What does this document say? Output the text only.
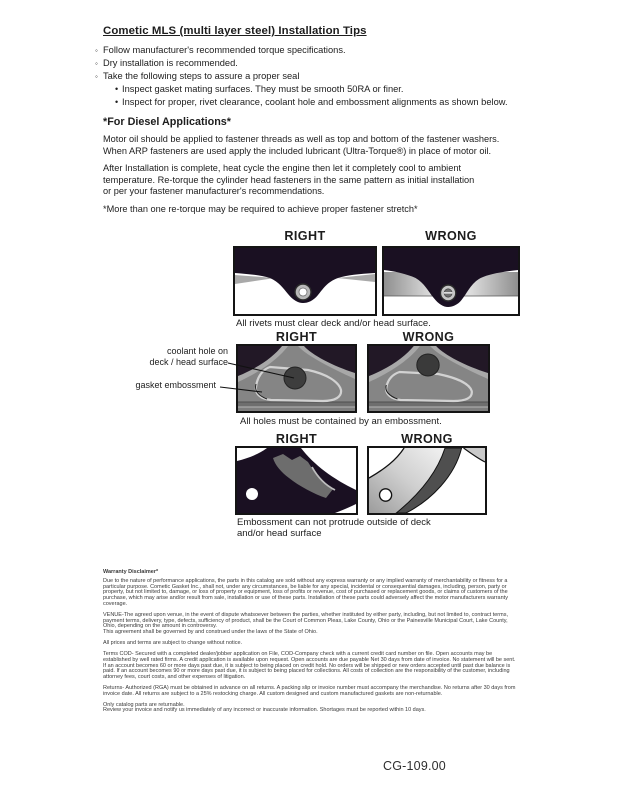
Cometic MLS (multi layer steel) Installation Tips
◦ Follow manufacturer's recommended torque specifications.
◦ Dry installation is recommended.
◦ Take the following steps to assure a proper seal
• Inspect gasket mating surfaces. They must be smooth 50RA or finer.
• Inspect for proper, rivet clearance, coolant hole and embossment alignments as shown below.
*For Diesel Applications*
Motor oil should be applied to fastener threads as well as top and bottom of the fastener washers.
When ARP fasteners are used apply the included lubricant (Ultra-Torque®) in place of motor oil.
After Installation is complete, heat cycle the engine then let it completely cool to ambient
temperature. Re-torque the cylinder head fasteners in the same pattern as initial installation
or per your fastener manufacturer's recommendations.
*More than one re-torque may be required to achieve proper fastener stretch*
RIGHT	WRONG
All rivets must clear deck and/or head surface.
RIGHT	WRONG
coolant hole on
deck / head surface
gasket embossment
All holes must be contained by an embossment.
RIGHT	WRONG
Embossment can not protrude outside of deck and/or head surface
Warranty Disclaimer*

Due to the nature of performance applications, the parts in this catalog are sold without any express warranty or any implied warranty of merchantability or fitness for a particular purpose. Cometic Gasket Inc., shall not, under any circumstances, be liable for any special, incidental or consequential damages, including, person, party or property, but not limited to, damage, or loss of property or equipment, loss of profits or revenue, cost of purchased or replacement goods, or claims of customers of the purchase, which may arise and/or result from sale, installation or use of these parts. Installation of these parts could adversely affect the motor manufacturers warranty coverage.

VENUE-The agreed upon venue, in the event of dispute whatsoever between the parties, whether instituted by either party, including, but not limited to, contract terms, payment terms, delivery, type, defects, sufficiency of product, shall be the Court of Common Pleas, Lake County, Ohio or the Painesville Municipal Court, Lake County, Ohio, depending on the amount in controversy.

This agreement shall be governed by and construed under the laws of the State of Ohio.

All prices and terms are subject to change without notice.

Terms COD- Secured with a completed dealer/jobber application on File, COD-Company check with a current credit card number on file. Open accounts may be established by well rated firms. A credit application is available upon request. Open accounts are due payable Net 30 days from date of invoice. No statement will be sent. If an account becomes 60 or more days past due, it is subject to being placed on credit hold. No orders will be shipped or new orders accepted until past due balance is paid. If an account becomes 90 or more days past due, it is subject to being placed for collections. All costs of collection are the responsibility of the customer, including attorney fees, court costs, and other expenses of litigation.

Returns- Authorized (RGA) must be obtained in advance on all returns. A packing slip or invoice number must accompany the merchandise. No returns after 30 days from invoice date. All returns are subject to a 25% restocking charge. All custom designed and custom manufactured gaskets are non-returnable.

Only catalog parts are returnable.

Review your invoice and notify us immediately of any incorrect or inaccurate information. Shortages must be reported within 10 days.

CG-109.00
